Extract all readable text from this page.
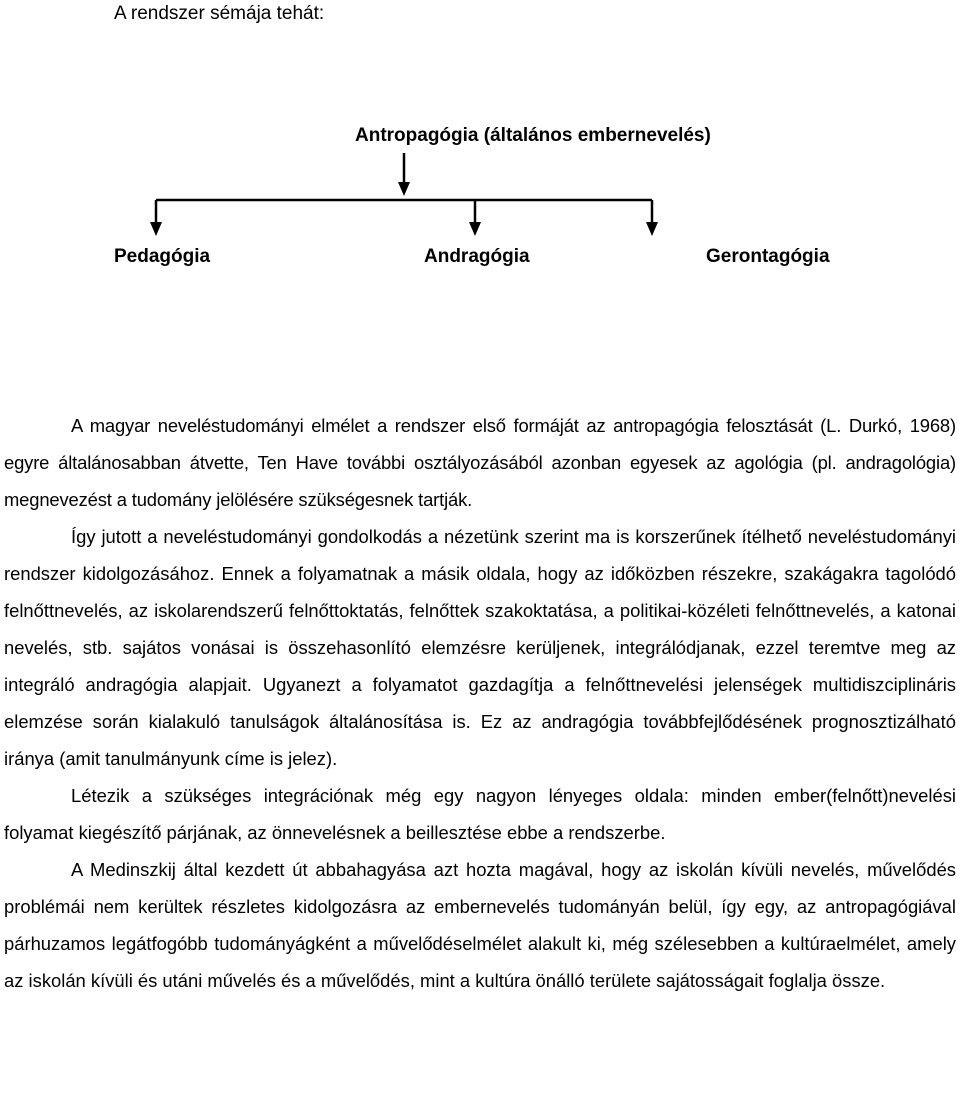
A rendszer sémája tehát:

Antropagógia (általános embernevelés)

Pedagógia	Andragógia	Gerontagógia

A magyar neveléstudományi elmélet a rendszer első formáját az antropagógia felosztását (L. Durkó, 1968) egyre általánosabban átvette, Ten Have további osztályozásából azonban egyesek az agológia (pl. andragológia) megnevezést a tudomány jelölésére szükségesnek tartják.

Így jutott a neveléstudományi gondolkodás a nézetünk szerint ma is korszerűnek ítélhető neveléstudományi rendszer kidolgozásához. Ennek a folyamatnak a másik oldala, hogy az időközben részekre, szakágakra tagolódó felnőttnevelés, az iskolarendszerű felnőttoktatás, felnőttek szakoktatása, a politikai-közéleti felnőttnevelés, a katonai nevelés, stb. sajátos vonásai is összehasonlító elemzésre kerüljenek, integrálódjanak, ezzel teremtve meg az integráló andragógia alapjait. Ugyanezt a folyamatot gazdagítja a felnőttnevelési jelenségek multidiszciplináris elemzése során kialakuló tanulságok általánosítása is. Ez az andragógia továbbfejlődésének prognosztizálható iránya (amit tanulmányunk címe is jelez).

Létezik a szükséges integrációnak még egy nagyon lényeges oldala: minden ember(felnőtt)nevelési folyamat kiegészítő párjának, az önnevelésnek a beillesztése ebbe a rendszerbe.

A Medinszkij által kezdett út abbahagyása azt hozta magával, hogy az iskolán kívüli nevelés, művelődés problémái nem kerültek részletes kidolgozásra az embernevelés tudományán belül, így egy, az antropagógiával párhuzamos legátfogóbb tudományágként a művelődéselmélet alakult ki, még szélesebben a kultúraelmélet, amely az iskolán kívüli és utáni művelés és a művelődés, mint a kultúra önálló területe sajátosságait foglalja össze.
